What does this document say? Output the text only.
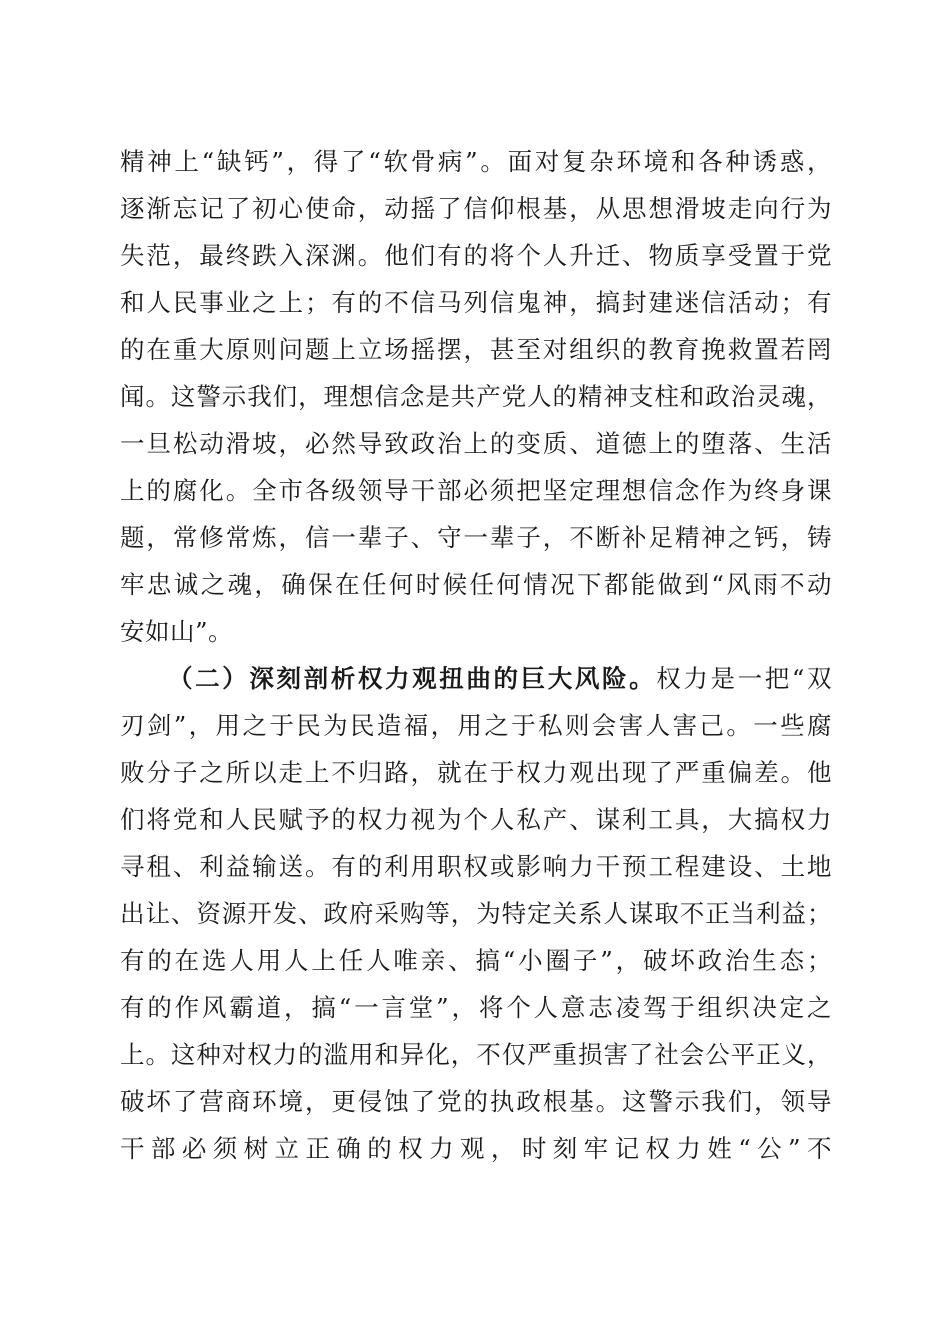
精神上“缺钙”，得了“软骨病”。面对复杂环境和各种诱惑，
逐渐忘记了初心使命，动摇了信仰根基，从思想滑坡走向行为
失范，最终跌入深渊。他们有的将个人升迁、物质享受置于党
和人民事业之上；有的不信马列信鬼神，搞封建迷信活动；有
的在重大原则问题上立场摇摆，甚至对组织的教育挽救置若罔
闻。这警示我们，理想信念是共产党人的精神支柱和政治灵魂，
一旦松动滑坡，必然导致政治上的变质、道德上的堕落、生活
上的腐化。全市各级领导干部必须把坚定理想信念作为终身课
题，常修常炼，信一辈子、守一辈子，不断补足精神之钙，铸
牢忠诚之魂，确保在任何时候任何情况下都能做到“风雨不动
安如山”。
（二）深刻剖析权力观扭曲的巨大风险。权力是一把“双
刃剑”，用之于民为民造福，用之于私则会害人害己。一些腐
败分子之所以走上不归路，就在于权力观出现了严重偏差。他
们将党和人民赋予的权力视为个人私产、谋利工具，大搞权力
寻租、利益输送。有的利用职权或影响力干预工程建设、土地
出让、资源开发、政府采购等，为特定关系人谋取不正当利益；
有的在选人用人上任人唯亲、搞“小圈子”，破坏政治生态；
有的作风霸道，搞“一言堂”，将个人意志凌驾于组织决定之
上。这种对权力的滥用和异化，不仅严重损害了社会公平正义，
破坏了营商环境，更侵蚀了党的执政根基。这警示我们，领导
干部必须树立正确的权力观，时刻牢记权力姓“公”不
